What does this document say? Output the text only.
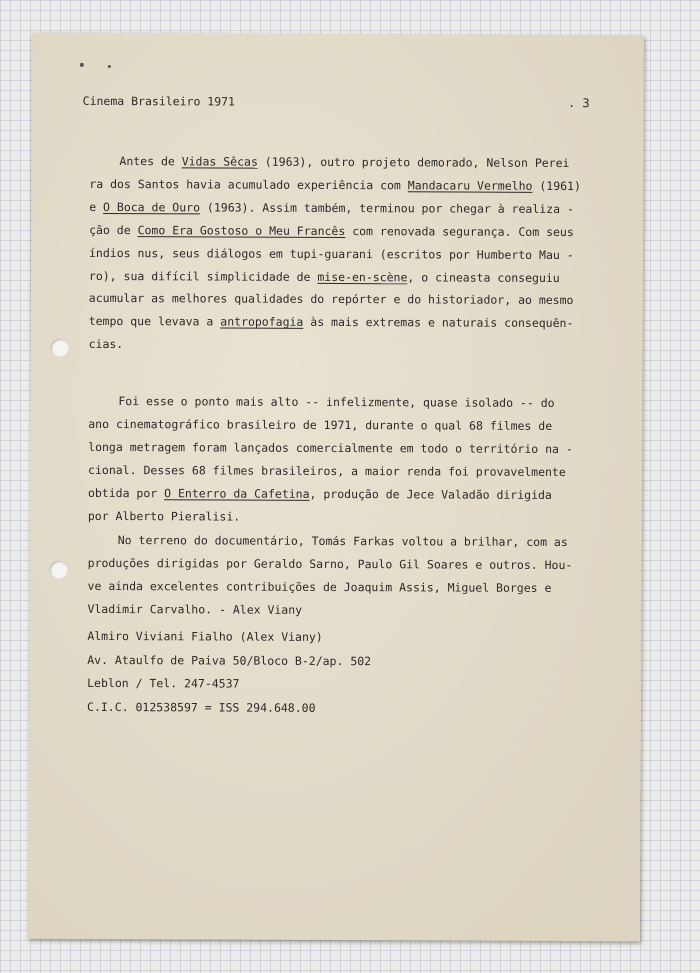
Cinema Brasileiro 1971	. 3
Antes de Vidas Sêcas (1963), outro projeto demorado, Nelson Perei
ra dos Santos havia acumulado experiência com Mandacaru Vermelho (1961)
e O Boca de Ouro (1963). Assim também, terminou por chegar à realiza -
ção de Como Era Gostoso o Meu Francês com renovada segurança. Com seus
índios nus, seus diálogos em tupi-guarani (escritos por Humberto Mau -
ro), sua difícil simplicidade de mise-en-scène, o cineasta conseguiu
acumular as melhores qualidades do repórter e do historiador, ao mesmo
tempo que levava a antropofagia às mais extremas e naturais consequên-
cias.
Foi esse o ponto mais alto -- infelizmente, quase isolado -- do
ano cinematográfico brasileiro de 1971, durante o qual 68 filmes de
longa metragem foram lançados comercialmente em todo o território na -
cional. Desses 68 filmes brasileiros, a maior renda foi provavelmente
obtida por O Enterro da Cafetina, produção de Jece Valadão dirigida
por Alberto Pieralisi.
No terreno do documentário, Tomás Farkas voltou a brilhar, com as
produções dirigidas por Geraldo Sarno, Paulo Gil Soares e outros. Hou-
ve ainda excelentes contribuições de Joaquim Assis, Miguel Borges e
Vladimir Carvalho. - Alex Viany
Almiro Viviani Fialho (Alex Viany)
Av. Ataulfo de Paiva 50/Bloco B-2/ap. 502
Leblon / Tel. 247-4537
C.I.C. 012538597 = ISS 294.648.00
